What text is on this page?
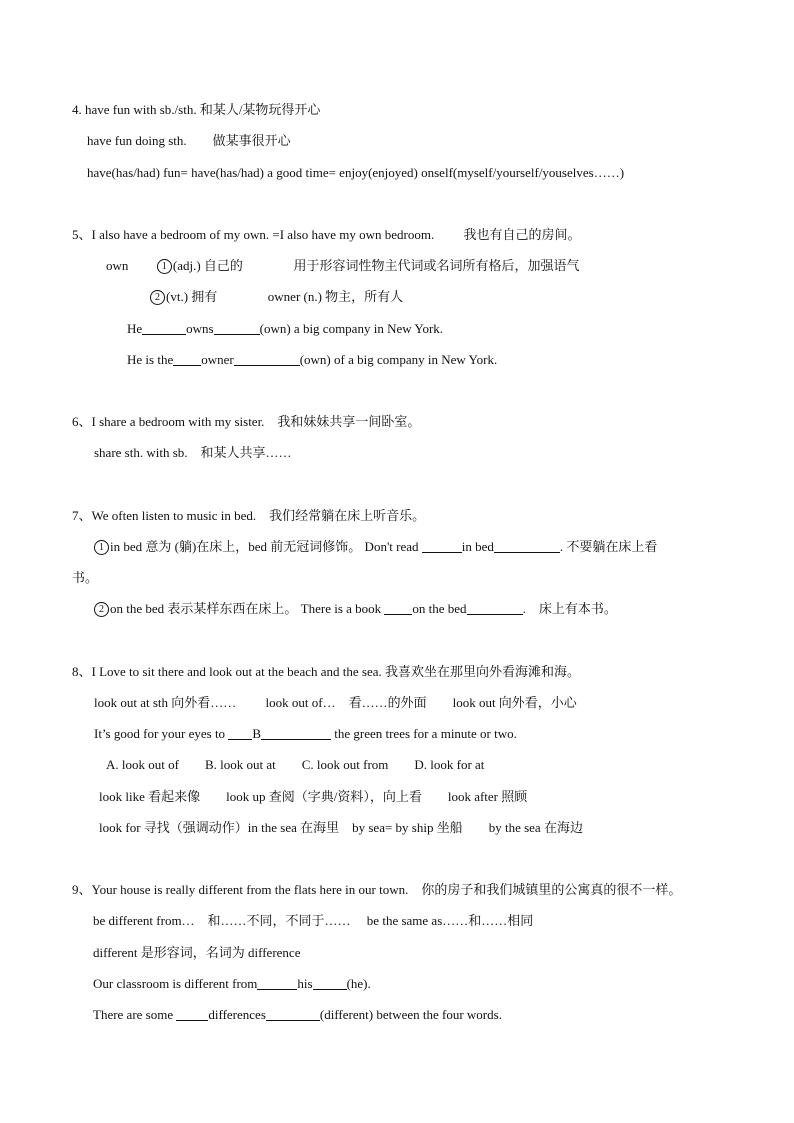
4. have fun with sb./sth. 和某人/某物玩得开心
have fun doing sth.　　做某事很开心
have(has/had) fun= have(has/had) a good time= enjoy(enjoyed) onself(myself/yourself/youselves……)
5、I also have a bedroom of my own. =I also have my own bedroom.　　 我也有自己的房间。
own	1 (adj.) 自己的	用于形容词性物主代词或名词所有格后，加强语气
2 (vt.) 拥有	owner (n.) 物主，所有人
He	owns	(own) a big company in New York.
He is the owner	(own) of a big company in New York.
6、I share a bedroom with my sister.　我和妹妹共享一间卧室。
share sth. with sb.　和某人共享……
7、We often listen to music in bed.　我们经常躺在床上听音乐。
1 in bed 意为 (躺)在床上，bed 前无冠词修饰。 Don't read	in bed	. 不要躺在床上看
书。
2 on the bed 表示某样东西在床上。 There is a book on the bed	.　床上有本书。
8、I Love to sit there and look out at the beach and the sea. 我喜欢坐在那里向外看海滩和海。
look out at sth 向外看……　　 look out of…　看……的外面　　look out 向外看，小心
It’s good for your eyes to B	the green trees for a minute or two.
A. look out of　　B. look out at　　C. look out from　　D. look for at
look like 看起来像　　look up 查阅（字典/资料），向上看　　look after 照顾
look for 寻找（强调动作）in the sea 在海里　by sea= by ship 坐船　　by the sea 在海边
9、Your house is really different from the flats here in our town.　你的房子和我们城镇里的公寓真的很不一样。
be different from…　和……不同，不同于……　 be the same as……和……相同
different 是形容词，名词为 difference
Our classroom is different from	his	(he).
There are some differences	(different) between the four words.
